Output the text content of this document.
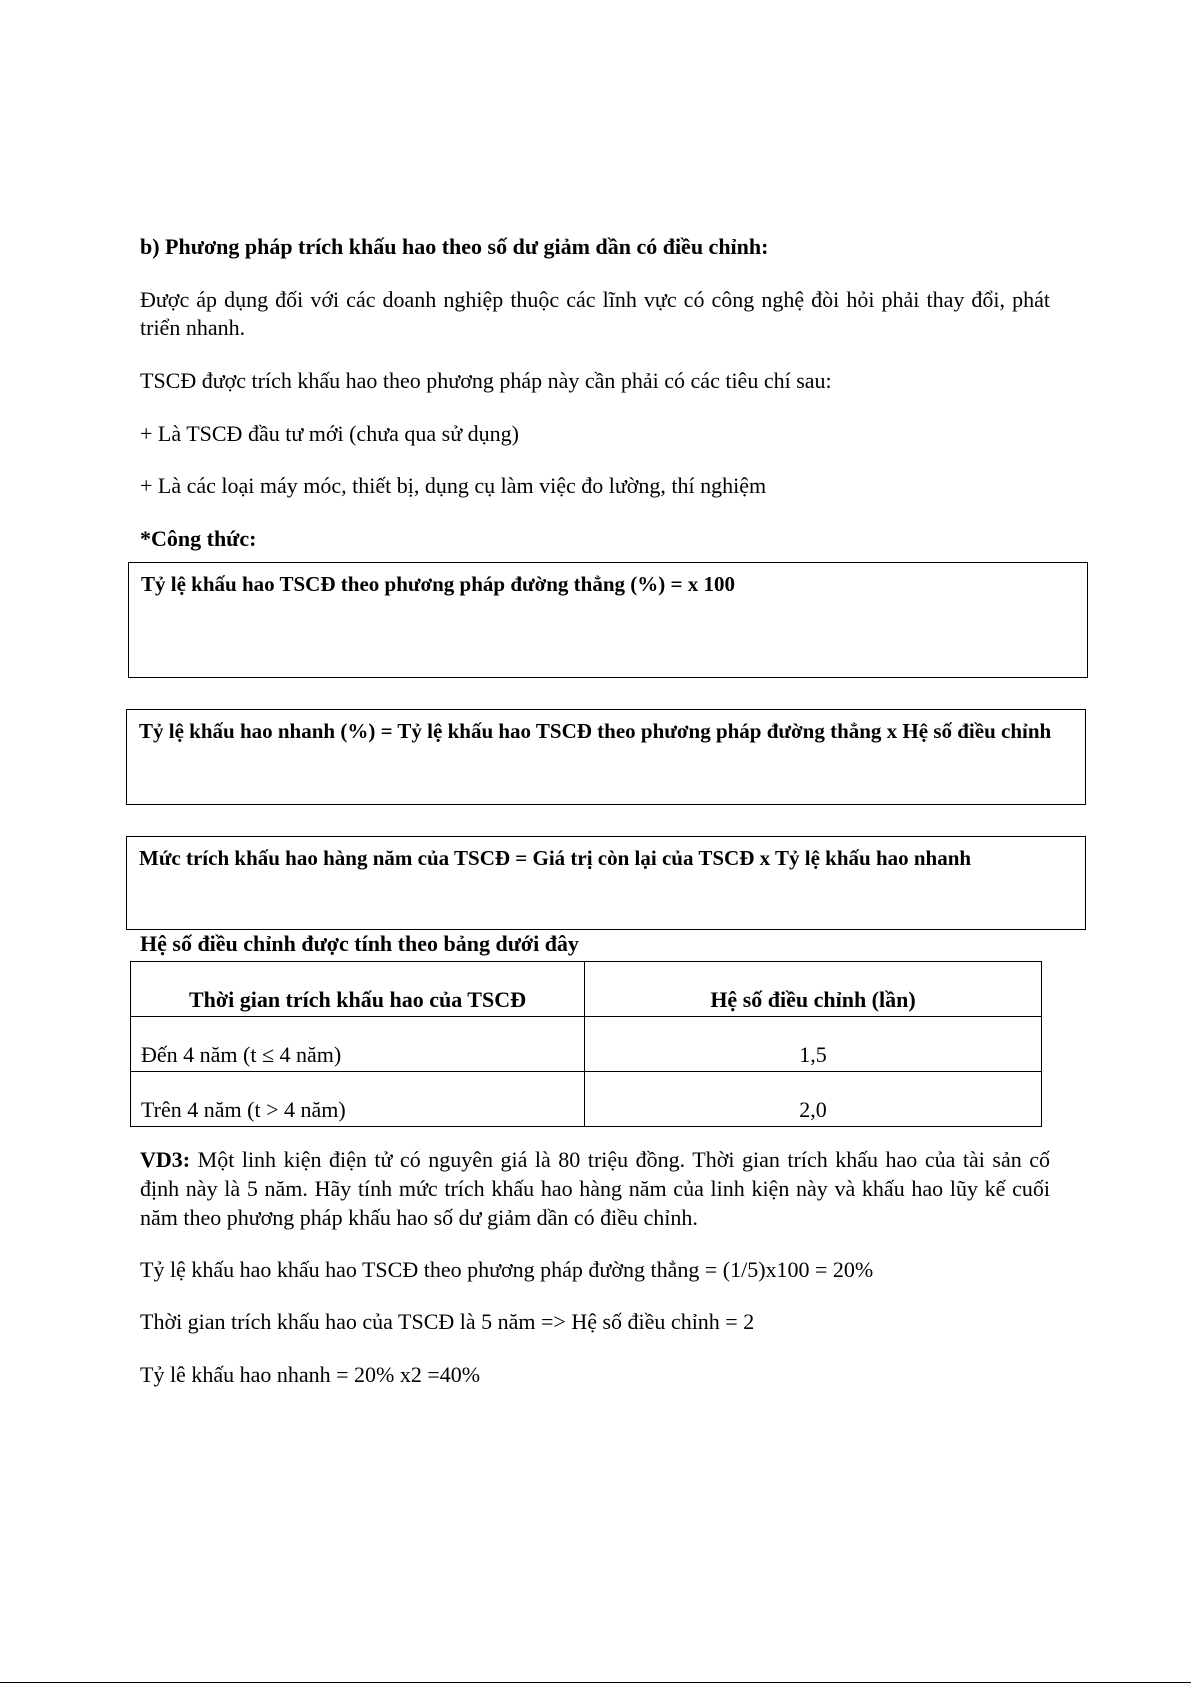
b) Phương pháp trích khấu hao theo số dư giảm dần có điều chỉnh:

Được áp dụng đối với các doanh nghiệp thuộc các lĩnh vực có công nghệ đòi hỏi phải thay đổi, phát triển nhanh.

TSCĐ được trích khấu hao theo phương pháp này cần phải có các tiêu chí sau:

+ Là TSCĐ đầu tư mới (chưa qua sử dụng)

+ Là các loại máy móc, thiết bị, dụng cụ làm việc đo lường, thí nghiệm

*Công thức:

Tỷ lệ khấu hao TSCĐ theo phương pháp đường thẳng (%) = x 100
Tỷ lệ khấu hao nhanh (%) = Tỷ lệ khấu hao TSCĐ theo phương pháp đường thẳng x Hệ số điều chỉnh
Mức trích khấu hao hàng năm của TSCĐ = Giá trị còn lại của TSCĐ x Tỷ lệ khấu hao nhanh

Hệ số điều chỉnh được tính theo bảng dưới đây

Thời gian trích khấu hao của TSCĐ	Hệ số điều chỉnh (lần)
Đến 4 năm (t ≤ 4 năm)	1,5
Trên 4 năm (t > 4 năm)	2,0

VD3: Một linh kiện điện tử có nguyên giá là 80 triệu đồng. Thời gian trích khấu hao của tài sản cố định này là 5 năm. Hãy tính mức trích khấu hao hàng năm của linh kiện này và khấu hao lũy kế cuối năm theo phương pháp khấu hao số dư giảm dần có điều chỉnh.

Tỷ lệ khấu hao khấu hao TSCĐ theo phương pháp đường thẳng = (1/5)x100 = 20%

Thời gian trích khấu hao của TSCĐ là 5 năm => Hệ số điều chỉnh = 2

Tỷ lê khấu hao nhanh = 20% x2 =40%
